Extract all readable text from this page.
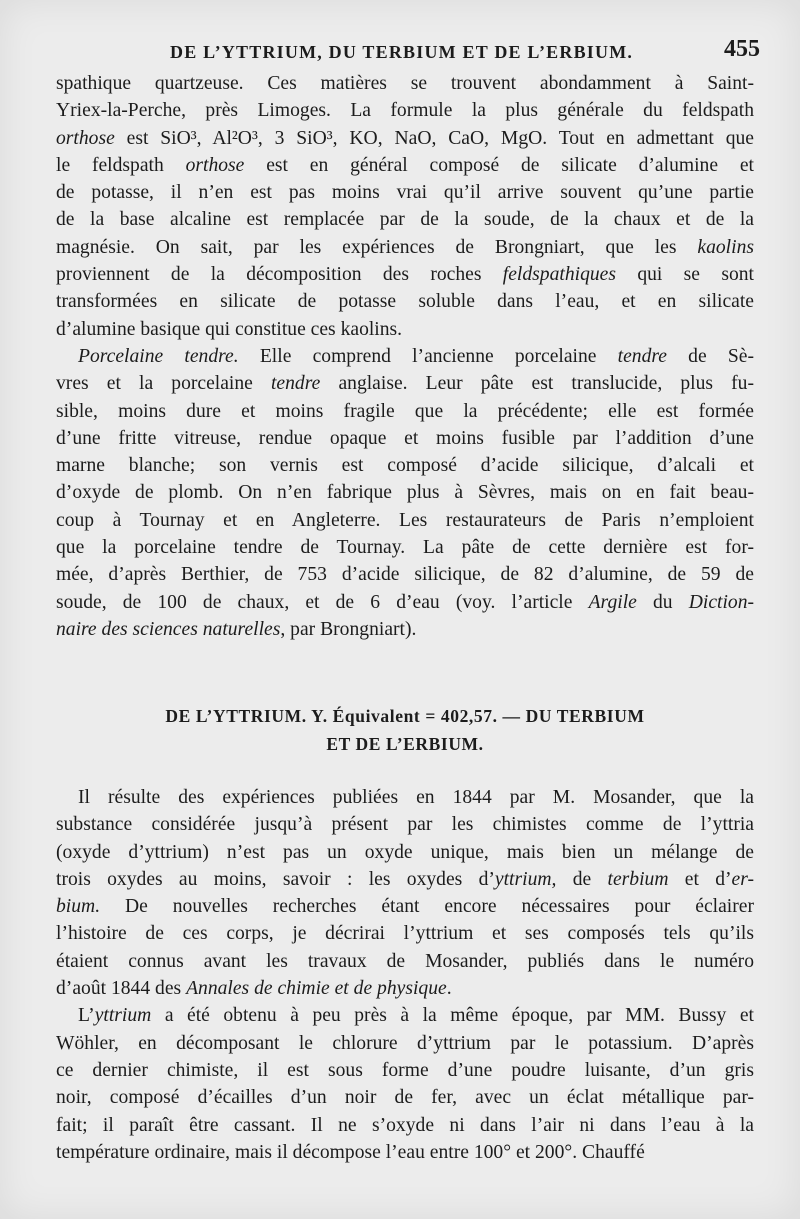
DE L’YTTRIUM, DU TERBIUM ET DE L’ERBIUM.	455
spathique quartzeuse. Ces matières se trouvent abondamment à Saint-
Yriex-la-Perche, près Limoges. La formule la plus générale du feldspath
orthose est SiO³, Al²O³, 3 SiO³, KO, NaO, CaO, MgO. Tout en admettant que
le feldspath orthose est en général composé de silicate d’alumine et
de potasse, il n’en est pas moins vrai qu’il arrive souvent qu’une partie
de la base alcaline est remplacée par de la soude, de la chaux et de la
magnésie. On sait, par les expériences de Brongniart, que les kaolins
proviennent de la décomposition des roches feldspathiques qui se sont
transformées en silicate de potasse soluble dans l’eau, et en silicate
d’alumine basique qui constitue ces kaolins.
Porcelaine tendre. Elle comprend l’ancienne porcelaine tendre de Sè-
vres et la porcelaine tendre anglaise. Leur pâte est translucide, plus fu-
sible, moins dure et moins fragile que la précédente; elle est formée
d’une fritte vitreuse, rendue opaque et moins fusible par l’addition d’une
marne blanche; son vernis est composé d’acide silicique, d’alcali et
d’oxyde de plomb. On n’en fabrique plus à Sèvres, mais on en fait beau-
coup à Tournay et en Angleterre. Les restaurateurs de Paris n’emploient
que la porcelaine tendre de Tournay. La pâte de cette dernière est for-
mée, d’après Berthier, de 753 d’acide silicique, de 82 d’alumine, de 59 de
soude, de 100 de chaux, et de 6 d’eau (voy. l’article Argile du Diction-
naire des sciences naturelles, par Brongniart).
DE L’YTTRIUM. Y. Équivalent = 402,57. — DU TERBIUM
ET DE L’ERBIUM.
Il résulte des expériences publiées en 1844 par M. Mosander, que la
substance considérée jusqu’à présent par les chimistes comme de l’yttria
(oxyde d’yttrium) n’est pas un oxyde unique, mais bien un mélange de
trois oxydes au moins, savoir : les oxydes d’yttrium, de terbium et d’er-
bium. De nouvelles recherches étant encore nécessaires pour éclairer
l’histoire de ces corps, je décrirai l’yttrium et ses composés tels qu’ils
étaient connus avant les travaux de Mosander, publiés dans le numéro
d’août 1844 des Annales de chimie et de physique.
L’yttrium a été obtenu à peu près à la même époque, par MM. Bussy et
Wöhler, en décomposant le chlorure d’yttrium par le potassium. D’après
ce dernier chimiste, il est sous forme d’une poudre luisante, d’un gris
noir, composé d’écailles d’un noir de fer, avec un éclat métallique par-
fait; il paraît être cassant. Il ne s’oxyde ni dans l’air ni dans l’eau à la
température ordinaire, mais il décompose l’eau entre 100° et 200°. Chauffé
